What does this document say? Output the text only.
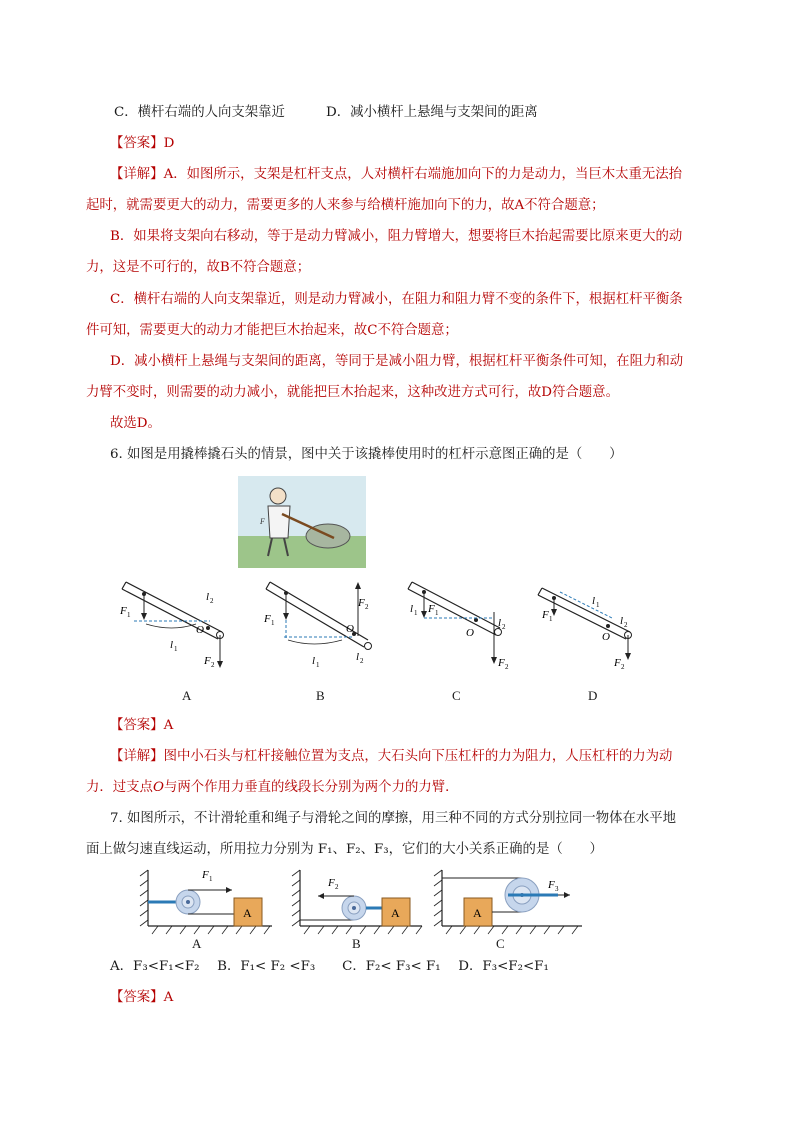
C．横杆右端的人向支架靠近	D．减小横杆上悬绳与支架间的距离
【答案】D
【详解】A．如图所示，支架是杠杆支点，人对横杆右端施加向下的力是动力，当巨木太重无法抬
起时，就需要更大的动力，需要更多的人来参与给横杆施加向下的力，故A不符合题意；
B．如果将支架向右移动，等于是动力臂减小，阻力臂增大，想要将巨木抬起需要比原来更大的动
力，这是不可行的，故B不符合题意；
C．横杆右端的人向支架靠近，则是动力臂减小，在阻力和阻力臂不变的条件下，根据杠杆平衡条
件可知，需要更大的动力才能把巨木抬起来，故C不符合题意；
D．减小横杆上悬绳与支架间的距离，等同于是减小阻力臂，根据杠杆平衡条件可知，在阻力和动
力臂不变时，则需要的动力减小，就能把巨木抬起来，这种改进方式可行，故D符合题意。
故选D。
6. 如图是用撬棒撬石头的情景，图中关于该撬棒使用时的杠杆示意图正确的是（　　）
F
F 1
l 1
O
l 2
F 2
F 1
l 1
O
l 2
F 2	F 1
l 1
O
l 2
F 2
F 1
l 1
O
l 2
F 2
A	B	C	D
【答案】A
【详解】图中小石头与杠杆接触位置为支点，大石头向下压杠杆的力为阻力，人压杠杆的力为动
力．过支点O与两个作用力垂直的线段长分别为两个力的力臂．
7. 如图所示，不计滑轮重和绳子与滑轮之间的摩擦，用三种不同的方式分别拉同一物体在水平地
面上做匀速直线运动，所用拉力分别为 F₁、F₂、F₃，它们的大小关系正确的是（　　）
A
F 1
A
F 2
A
F 3
A	B	C
A．F₃<F₁<F₂　 B．F₁< F₂ <F₃　　C．F₂< F₃< F₁　 D．F₃<F₂<F₁
【答案】A
